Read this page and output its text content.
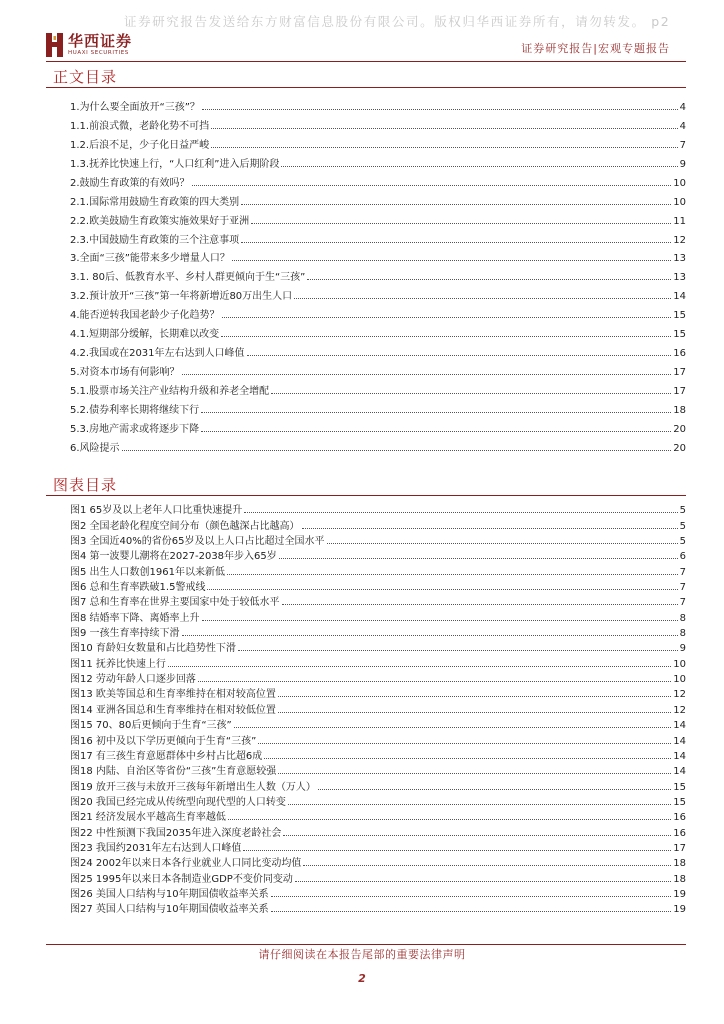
证券研究报告发送给东方财富信息股份有限公司。版权归华西证券所有，请勿转发。 p2
华西证券
HUAXI SECURITIES	证券研究报告|宏观专题报告
正文目录
1.为什么要全面放开“三孩”？	4
1.1.前浪式微，老龄化势不可挡	4
1.2.后浪不足，少子化日益严峻	7
1.3.抚养比快速上行，“人口红利”进入后期阶段	9
2.鼓励生育政策的有效吗？	10
2.1.国际常用鼓励生育政策的四大类别	10
2.2.欧美鼓励生育政策实施效果好于亚洲	11
2.3.中国鼓励生育政策的三个注意事项	12
3.全面“三孩”能带来多少增量人口？	13
3.1. 80后、低教育水平、乡村人群更倾向于生“三孩”	13
3.2.预计放开“三孩”第一年将新增近80万出生人口	14
4.能否逆转我国老龄少子化趋势？	15
4.1.短期部分缓解，长期难以改变	15
4.2.我国或在2031年左右达到人口峰值	16
5.对资本市场有何影响？	17
5.1.股票市场关注产业结构升级和养老全增配	17
5.2.债券利率长期将继续下行	18
5.3.房地产需求或将逐步下降	20
6.风险提示	20
图表目录
图1 65岁及以上老年人口比重快速提升	5
图2 全国老龄化程度空间分布（颜色越深占比越高）	5
图3 全国近40%的省份65岁及以上人口占比超过全国水平	5
图4 第一波婴儿潮将在2027-2038年步入65岁	6
图5 出生人口数创1961年以来新低	7
图6 总和生育率跌破1.5警戒线	7
图7 总和生育率在世界主要国家中处于较低水平	7
图8 结婚率下降、离婚率上升	8
图9 一孩生育率持续下滑	8
图10 育龄妇女数量和占比趋势性下滑	9
图11 抚养比快速上行	10
图12 劳动年龄人口逐步回落	10
图13 欧美等国总和生育率维持在相对较高位置	12
图14 亚洲各国总和生育率维持在相对较低位置	12
图15 70、80后更倾向于生育“三孩”	14
图16 初中及以下学历更倾向于生育“三孩”	14
图17 有三孩生育意愿群体中乡村占比超6成	14
图18 内陆、自治区等省份“三孩”生育意愿较强	14
图19 放开三孩与未放开三孩每年新增出生人数（万人）	15
图20 我国已经完成从传统型向现代型的人口转变	15
图21 经济发展水平越高生育率越低	16
图22 中性预测下我国2035年进入深度老龄社会	16
图23 我国约2031年左右达到人口峰值	17
图24 2002年以来日本各行业就业人口同比变动均值	18
图25 1995年以来日本各制造业GDP不变价同变动	18
图26 美国人口结构与10年期国债收益率关系	19
图27 英国人口结构与10年期国债收益率关系	19
请仔细阅读在本报告尾部的重要法律声明
2
